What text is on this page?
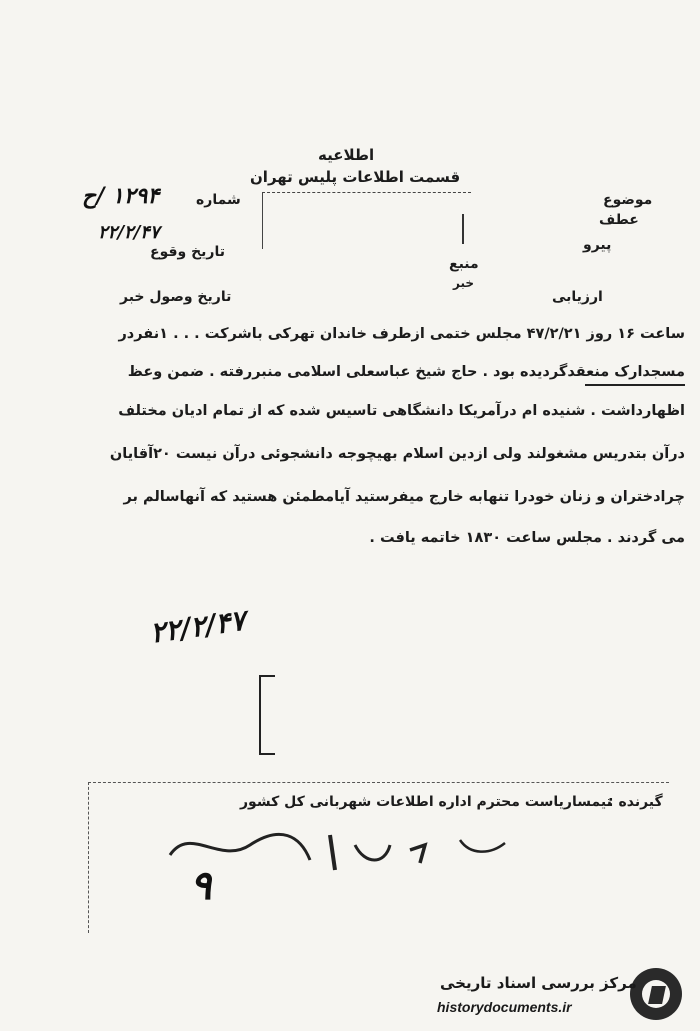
اطلاعیه
قسمت اطلاعات پلیس تهران
موضوع
عطف
پیرو
شماره
۱۲۹۴ /ح
۲۲/۲/۴۷
تاریخ وقوع
منبع
خبر
تاریخ وصول خبر	ارزیابی
ساعت ۱۶ روز ۴۷/۲/۲۱ مجلس ختمی ازطرف خاندان تهرکی باشرکت . . . ۱نفردر
مسجدارک منعقدگردیده بود . حاج شیخ عباسعلی اسلامی منبررفته . ضمن وعظ
اظهارداشت . شنیده ام درآمریکا دانشگاهی تاسیس شده که از تمام ادیان مختلف
درآن بتدریس مشغولند ولی ازدین اسلام بهیچوجه دانشجوئی درآن نیست ۲۰آقایان
چرادختران و زنان خودرا تنهابه خارج میفرستید آیامطمئن هستید که آنهاسالم بر
می گردند . مجلس ساعت ۱۸۳۰ خاتمه یافت .
۲۲/۲/۴۷
گیرنده :
تیمساریاست محترم اداره اطلاعات شهربانی کل کشور
۹
مرکز بررسی اسناد تاریخی
historydocuments.ir
